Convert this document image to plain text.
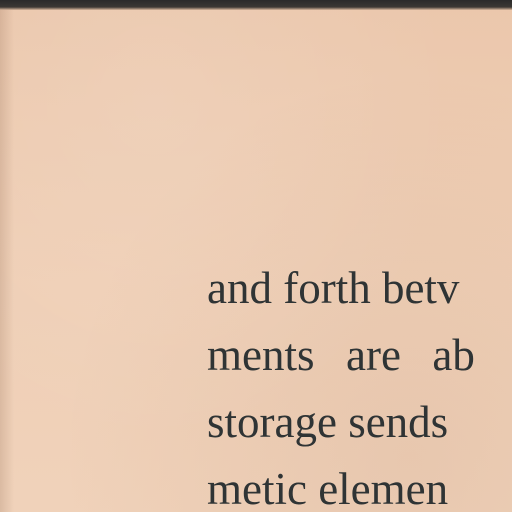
and forth betv
ments are ab
storage sends
metic elemen
